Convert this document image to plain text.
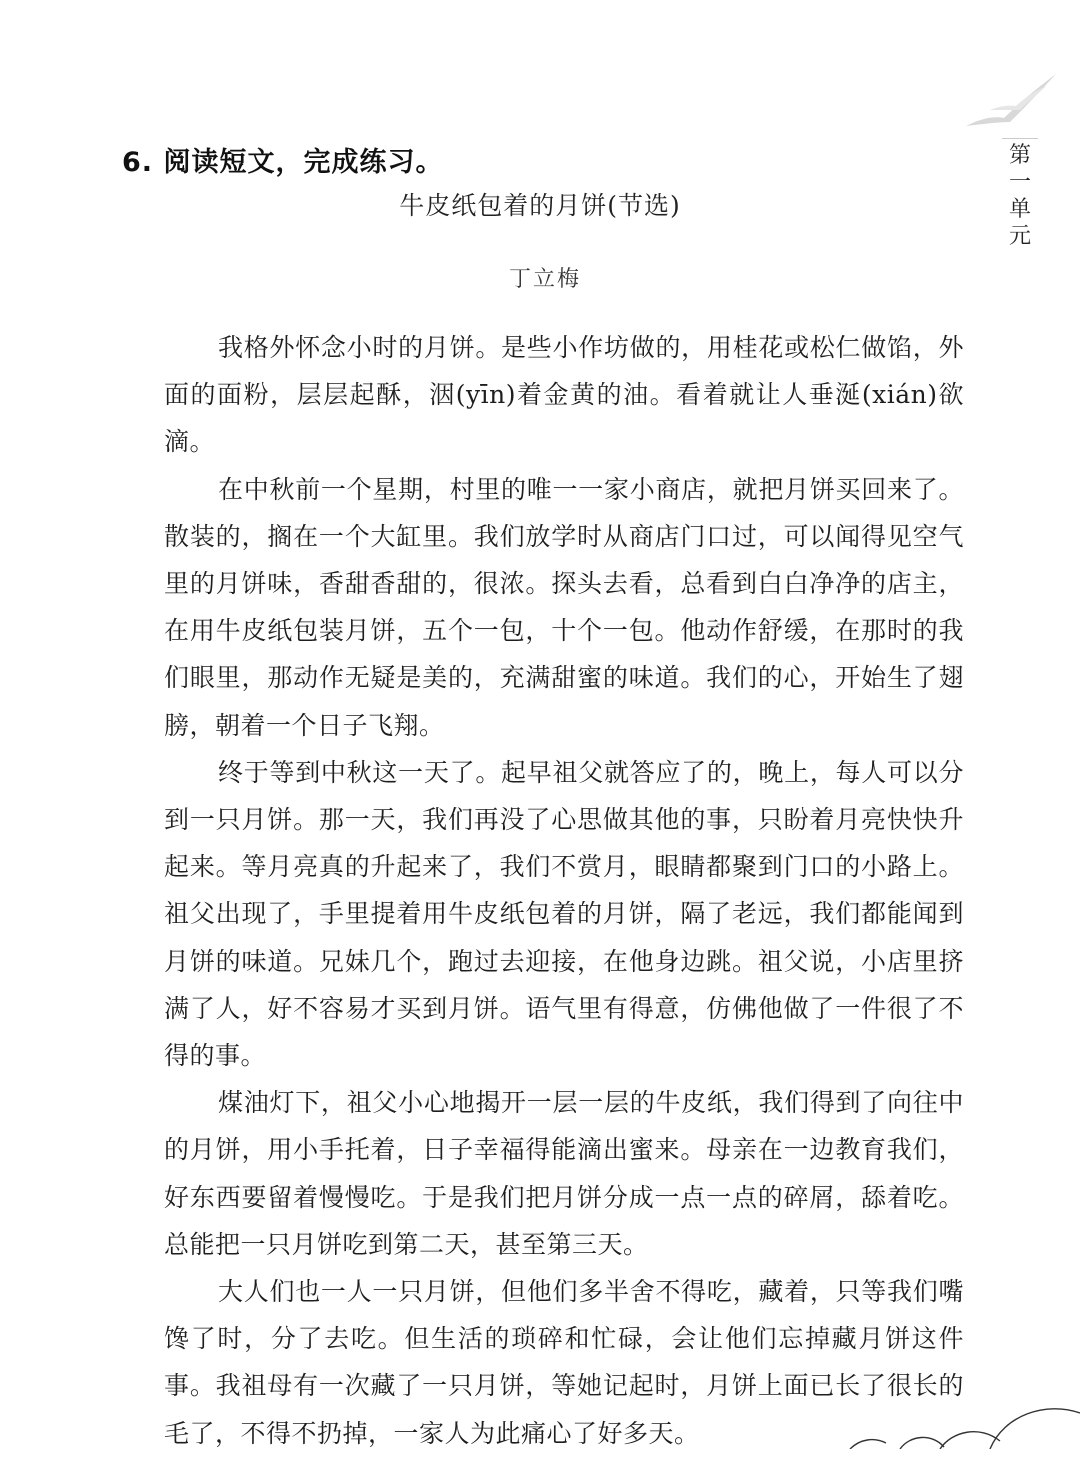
第
一
单
元
6. 阅读短文，完成练习。
牛皮纸包着的月饼(节选)
丁立梅

我格外怀念小时的月饼。是些小作坊做的，用桂花或松仁做馅，外面的面粉，层层起酥，洇(yīn)着金黄的油。看着就让人垂涎(xián)欲滴。

在中秋前一个星期，村里的唯一一家小商店，就把月饼买回来了。散装的，搁在一个大缸里。我们放学时从商店门口过，可以闻得见空气里的月饼味，香甜香甜的，很浓。探头去看，总看到白白净净的店主，在用牛皮纸包装月饼，五个一包，十个一包。他动作舒缓，在那时的我们眼里，那动作无疑是美的，充满甜蜜的味道。我们的心，开始生了翅膀，朝着一个日子飞翔。

终于等到中秋这一天了。起早祖父就答应了的，晚上，每人可以分到一只月饼。那一天，我们再没了心思做其他的事，只盼着月亮快快升起来。等月亮真的升起来了，我们不赏月，眼睛都聚到门口的小路上。祖父出现了，手里提着用牛皮纸包着的月饼，隔了老远，我们都能闻到月饼的味道。兄妹几个，跑过去迎接，在他身边跳。祖父说，小店里挤满了人，好不容易才买到月饼。语气里有得意，仿佛他做了一件很了不得的事。

煤油灯下，祖父小心地揭开一层一层的牛皮纸，我们得到了向往中的月饼，用小手托着，日子幸福得能滴出蜜来。母亲在一边教育我们，好东西要留着慢慢吃。于是我们把月饼分成一点一点的碎屑，舔着吃。总能把一只月饼吃到第二天，甚至第三天。

大人们也一人一只月饼，但他们多半舍不得吃，藏着，只等我们嘴馋了时，分了去吃。但生活的琐碎和忙碌，会让他们忘掉藏月饼这件事。我祖母有一次藏了一只月饼，等她记起时，月饼上面已长了很长的毛了，不得不扔掉，一家人为此痛心了好多天。
